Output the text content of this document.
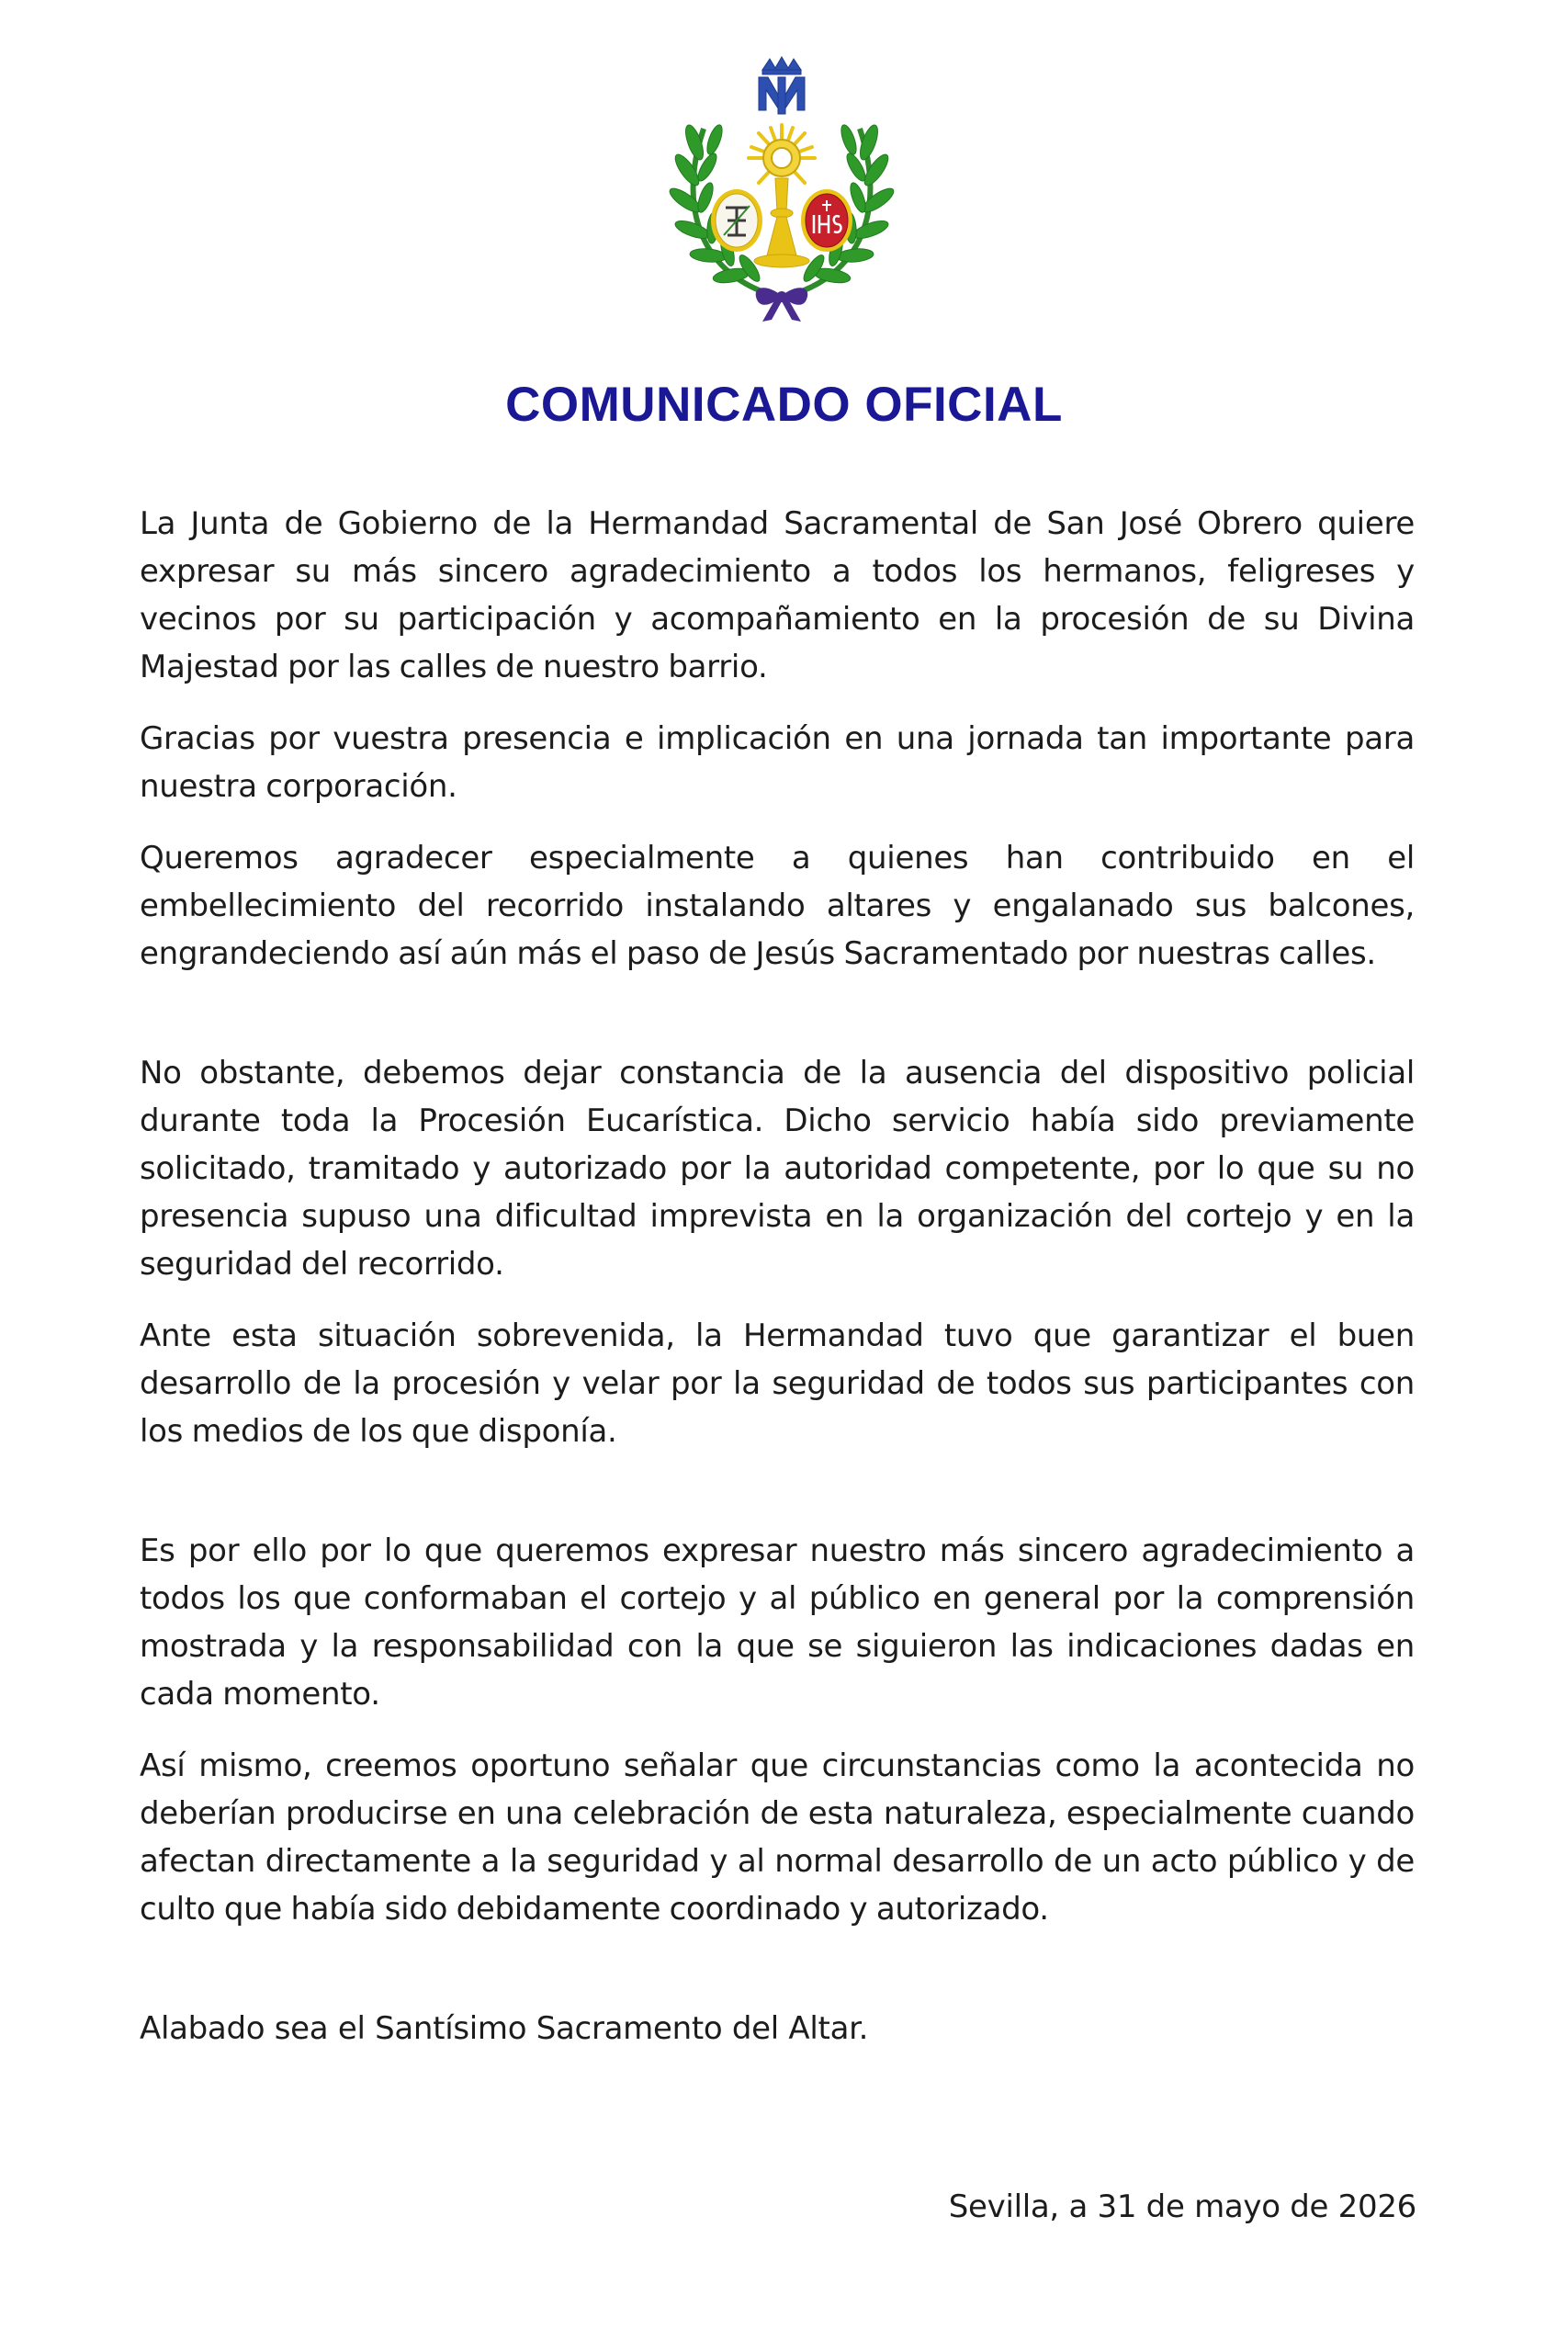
COMUNICADO OFICIAL

La Junta de Gobierno de la Hermandad Sacramental de San José Obrero quiere expresar su más sincero agradecimiento a todos los hermanos, feligreses y vecinos por su participación y acompañamiento en la procesión de su Divina Majestad por las calles de nuestro barrio.

Gracias por vuestra presencia e implicación en una jornada tan importante para nuestra corporación.

Queremos agradecer especialmente a quienes han contribuido en el embellecimiento del recorrido instalando altares y engalanado sus balcones, engrandeciendo así aún más el paso de Jesús Sacramentado por nuestras calles.

No obstante, debemos dejar constancia de la ausencia del dispositivo policial durante toda la Procesión Eucarística. Dicho servicio había sido previamente solicitado, tramitado y autorizado por la autoridad competente, por lo que su no presencia supuso una dificultad imprevista en la organización del cortejo y en la seguridad del recorrido.

Ante esta situación sobrevenida, la Hermandad tuvo que garantizar el buen desarrollo de la procesión y velar por la seguridad de todos sus participantes con los medios de los que disponía.

Es por ello por lo que queremos expresar nuestro más sincero agradecimiento a todos los que conformaban el cortejo y al público en general por la comprensión mostrada y la responsabilidad con la que se siguieron las indicaciones dadas en cada momento.

Así mismo, creemos oportuno señalar que circunstancias como la acontecida no deberían producirse en una celebración de esta naturaleza, especialmente cuando afectan directamente a la seguridad y al normal desarrollo de un acto público y de culto que había sido debidamente coordinado y autorizado.

Alabado sea el Santísimo Sacramento del Altar.

Sevilla, a 31 de mayo de 2026
